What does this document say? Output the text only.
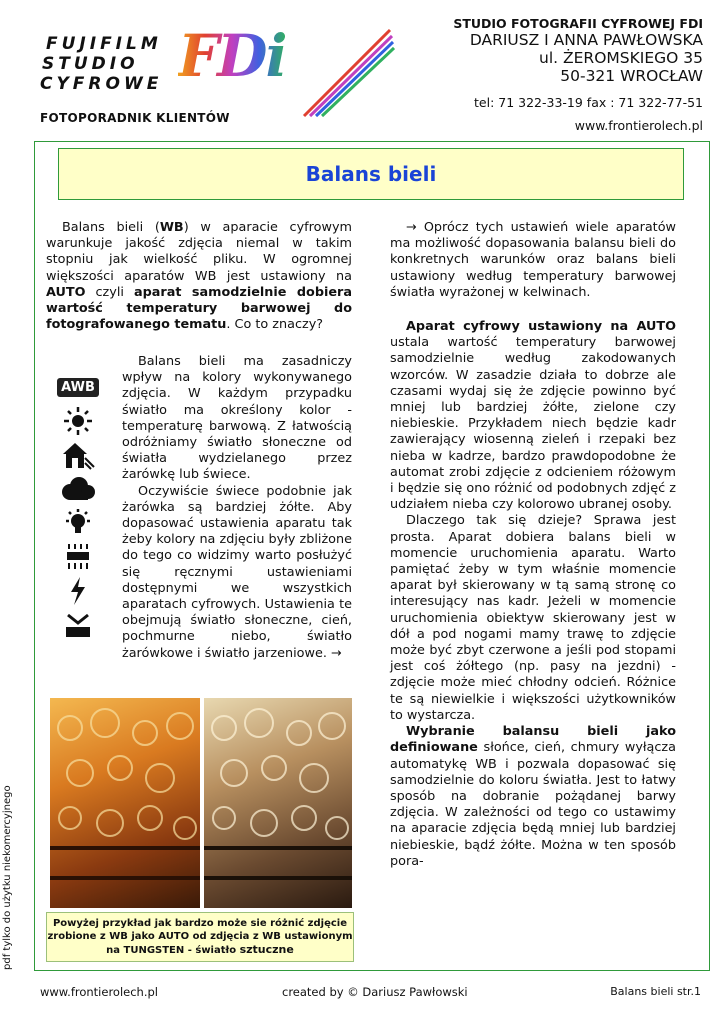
FUJIFILM
STUDIO
CYFROWE FDi
FOTOPORADNIK KLIENTÓW
STUDIO FOTOGRAFII CYFROWEJ FDI
DARIUSZ I ANNA PAWŁOWSKA
ul. ŻEROMSKIEGO 35
50-321 WROCŁAW
tel: 71 322-33-19 fax : 71 322-77-51
www.frontierolech.pl
Balans bieli

Balans bieli (WB) w aparacie cyfrowym warunkuje jakość zdjęcia niemal w takim stopniu jak wielkość pliku. W ogromnej większości aparatów WB jest ustawiony na AUTO czyli aparat samodzielnie dobiera wartość temperatury barwowej do fotografowanego tematu. Co to znaczy?

Balans bieli ma zasadniczy wpływ na kolory wykonywanego zdjęcia. W każdym przypadku światło ma określony kolor - temperaturę barwową. Z łatwością odróżniamy światło słoneczne od światła wydzielanego przez żarówkę lub świece.

Oczywiście świece podobnie jak żarówka są bardziej żółte. Aby dopasować ustawienia aparatu tak żeby kolory na zdjęciu były zbliżone do tego co widzimy warto posłużyć się ręcznymi ustawieniami dostępnymi we wszystkich aparatach cyfrowych. Ustawienia te obejmują światło słoneczne, cień, pochmurne niebo, światło żarówkowe i światło jarzeniowe. →

AWB
Powyżej przykład jak bardzo może sie różnić zdjęcie zrobione z WB jako AUTO od zdjęcia z WB ustawionym na TUNGSTEN - światło sztuczne

→ Oprócz tych ustawień wiele aparatów ma możliwość dopasowania balansu bieli do konkretnych warunków oraz balans bieli ustawiony według temperatury barwowej światła wyrażonej w kelwinach.

Aparat cyfrowy ustawiony na AUTO ustala wartość temperatury barwowej samodzielnie według zakodowanych wzorców. W zasadzie działa to dobrze ale czasami wydaj się że zdjęcie powinno być mniej lub bardziej żółte, zielone czy niebieskie. Przykładem niech będzie kadr zawierający wiosenną zieleń i rzepaki bez nieba w kadrze, bardzo prawdopodobne że automat zrobi zdjęcie z odcieniem różowym i będzie się ono różnić od podobnych zdjęć z udziałem nieba czy kolorowo ubranej osoby.

Dlaczego tak się dzieje? Sprawa jest prosta. Aparat dobiera balans bieli w momencie uruchomienia aparatu. Warto pamiętać żeby w tym właśnie momencie aparat był skierowany w tą samą stronę co interesujący nas kadr. Jeżeli w momencie uruchomienia obiektyw skierowany jest w dół a pod nogami mamy trawę to zdjęcie może być zbyt czerwone a jeśli pod stopami jest coś żółtego (np. pasy na jezdni) - zdjęcie może mieć chłodny odcień. Różnice te są niewielkie i większości użytkowników to wystarcza.

Wybranie balansu bieli jako definiowane słońce, cień, chmury wyłącza automatykę WB i pozwala dopasować się samodzielnie do koloru światła. Jest to łatwy sposób na dobranie pożądanej barwy zdjęcia. W zależności od tego co ustawimy na aparacie zdjęcia będą mniej lub bardziej niebieskie, bądź żółte. Można w ten sposób pora-

pdf tylko do użytku niekomercyjnego
www.frontierolech.pl	created by © Dariusz Pawłowski	Balans bieli str.1
